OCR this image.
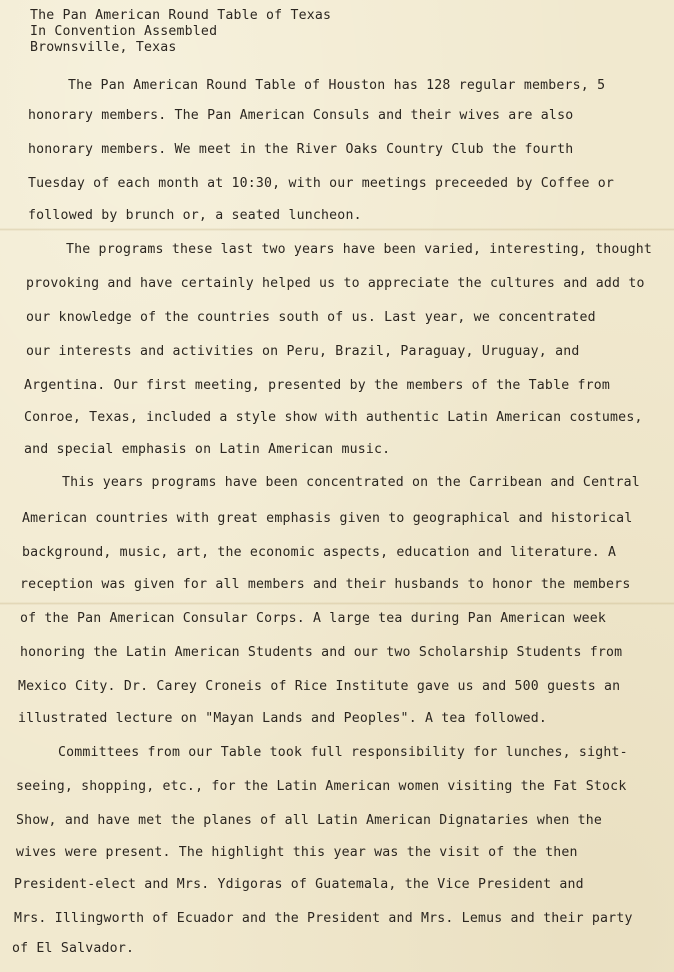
The Pan American Round Table of Texas
In Convention Assembled
Brownsville, Texas
The Pan American Round Table of Houston has 128 regular members, 5
honorary members. The Pan American Consuls and their wives are also
honorary members. We meet in the River Oaks Country Club the fourth
Tuesday of each month at 10:30, with our meetings preceeded by Coffee or
followed by brunch or, a seated luncheon.
The programs these last two years have been varied, interesting, thought
provoking and have certainly helped us to appreciate the cultures and add to
our knowledge of the countries south of us. Last year, we concentrated
our interests and activities on Peru, Brazil, Paraguay, Uruguay, and
Argentina. Our first meeting, presented by the members of the Table from
Conroe, Texas, included a style show with authentic Latin American costumes,
and special emphasis on Latin American music.
This years programs have been concentrated on the Carribean and Central
American countries with great emphasis given to geographical and historical
background, music, art, the economic aspects, education and literature. A
reception was given for all members and their husbands to honor the members
of the Pan American Consular Corps. A large tea during Pan American week
honoring the Latin American Students and our two Scholarship Students from
Mexico City. Dr. Carey Croneis of Rice Institute gave us and 500 guests an
illustrated lecture on "Mayan Lands and Peoples". A tea followed.
Committees from our Table took full responsibility for lunches, sight-
seeing, shopping, etc., for the Latin American women visiting the Fat Stock
Show, and have met the planes of all Latin American Dignataries when the
wives were present. The highlight this year was the visit of the then
President-elect and Mrs. Ydigoras of Guatemala, the Vice President and
Mrs. Illingworth of Ecuador and the President and Mrs. Lemus and their party
of El Salvador.
